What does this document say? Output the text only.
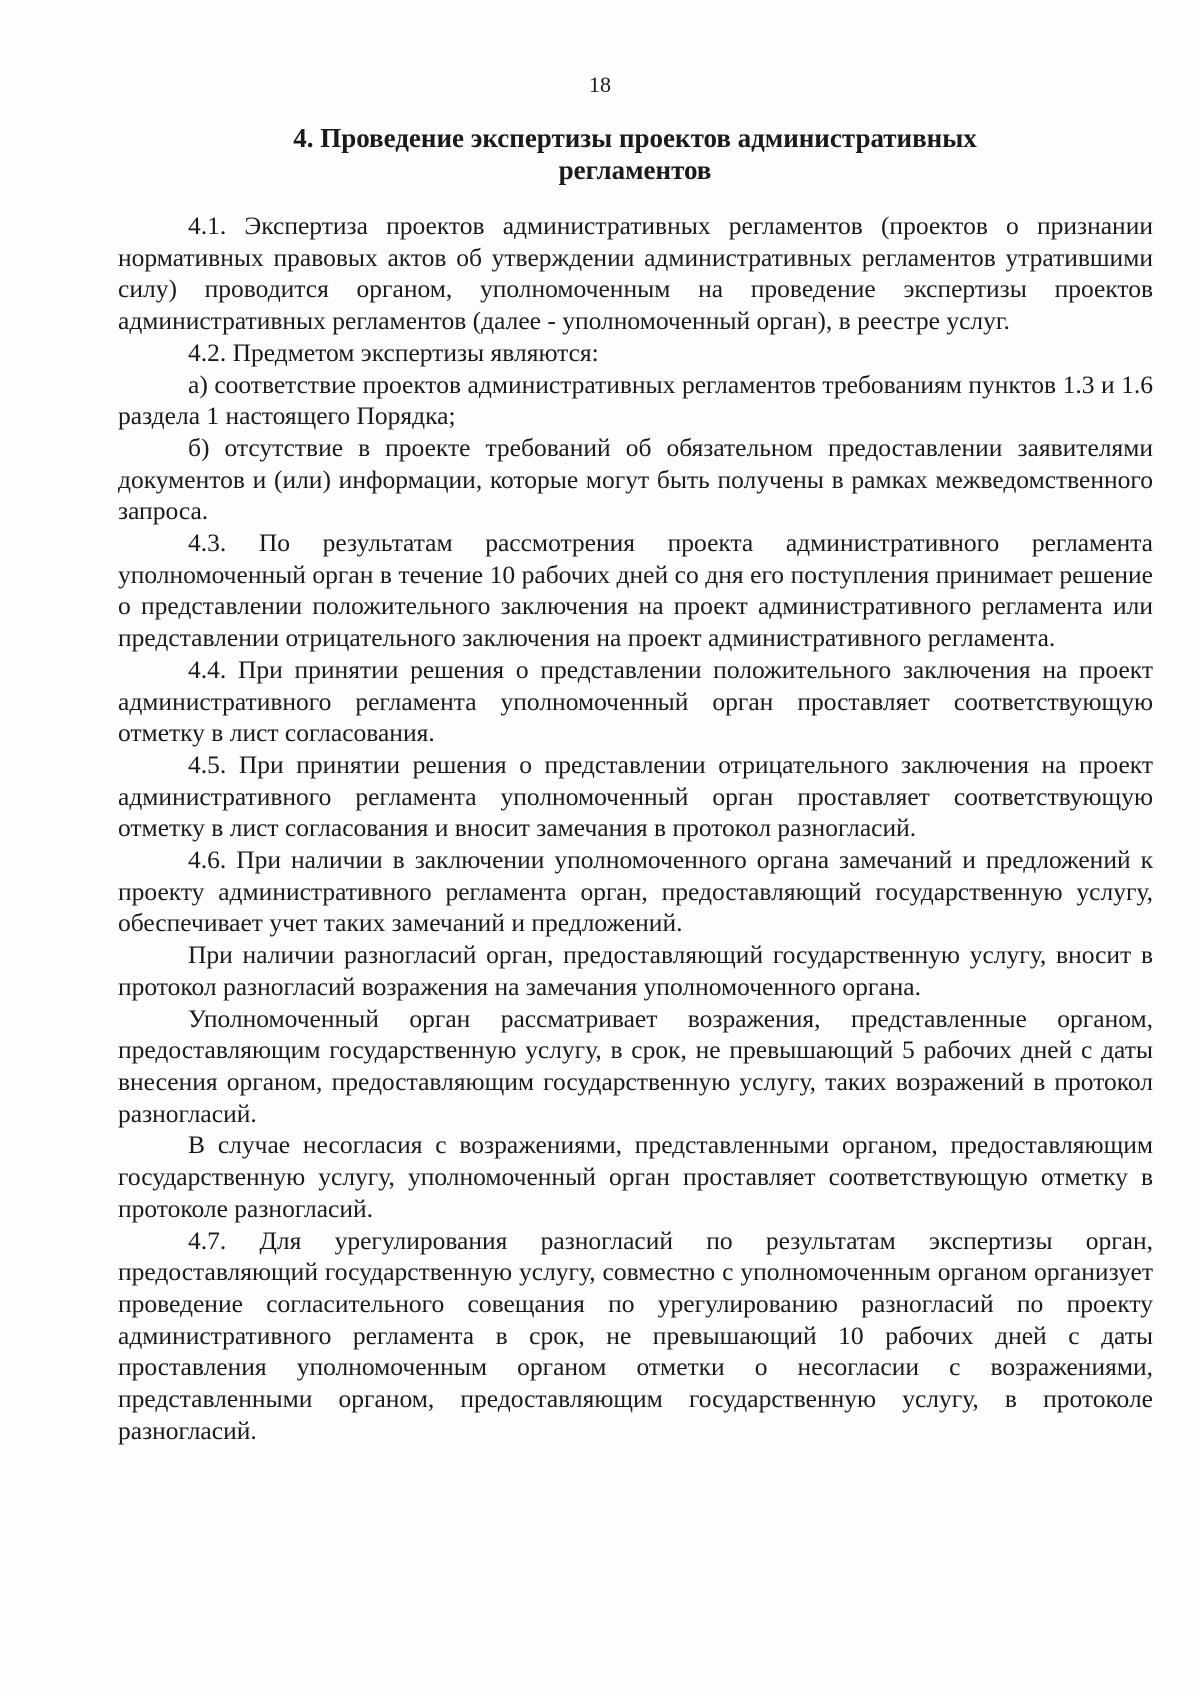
18
4. Проведение экспертизы проектов административных
регламентов

4.1. Экспертиза проектов административных регламентов (проектов о признании нормативных правовых актов об утверждении административных регламентов утратившими силу) проводится органом, уполномоченным на проведение экспертизы проектов административных регламентов (далее - уполномоченный орган), в реестре услуг.

4.2. Предметом экспертизы являются:

а) соответствие проектов административных регламентов требованиям пунктов 1.3 и 1.6 раздела 1 настоящего Порядка;

б) отсутствие в проекте требований об обязательном предоставлении заявителями документов и (или) информации, которые могут быть получены в рамках межведомственного запроса.

4.3. По результатам рассмотрения проекта административного регламента уполномоченный орган в течение 10 рабочих дней со дня его поступления принимает решение о представлении положительного заключения на проект административного регламента или представлении отрицательного заключения на проект административного регламента.

4.4. При принятии решения о представлении положительного заключения на проект административного регламента уполномоченный орган проставляет соответствующую отметку в лист согласования.

4.5. При принятии решения о представлении отрицательного заключения на проект административного регламента уполномоченный орган проставляет соответствующую отметку в лист согласования и вносит замечания в протокол разногласий.

4.6. При наличии в заключении уполномоченного органа замечаний и предложений к проекту административного регламента орган, предоставляющий государственную услугу, обеспечивает учет таких замечаний и предложений.

При наличии разногласий орган, предоставляющий государственную услугу, вносит в протокол разногласий возражения на замечания уполномоченного органа.

Уполномоченный орган рассматривает возражения, представленные органом, предоставляющим государственную услугу, в срок, не превышающий 5 рабочих дней с даты внесения органом, предоставляющим государственную услугу, таких возражений в протокол разногласий.

В случае несогласия с возражениями, представленными органом, предоставляющим государственную услугу, уполномоченный орган проставляет соответствующую отметку в протоколе разногласий.

4.7. Для урегулирования разногласий по результатам экспертизы орган, предоставляющий государственную услугу, совместно с уполномоченным органом организует проведение согласительного совещания по урегулированию разногласий по проекту административного регламента в срок, не превышающий 10 рабочих дней с даты проставления уполномоченным органом отметки о несогласии с возражениями, представленными органом, предоставляющим государственную услугу, в протоколе разногласий.
